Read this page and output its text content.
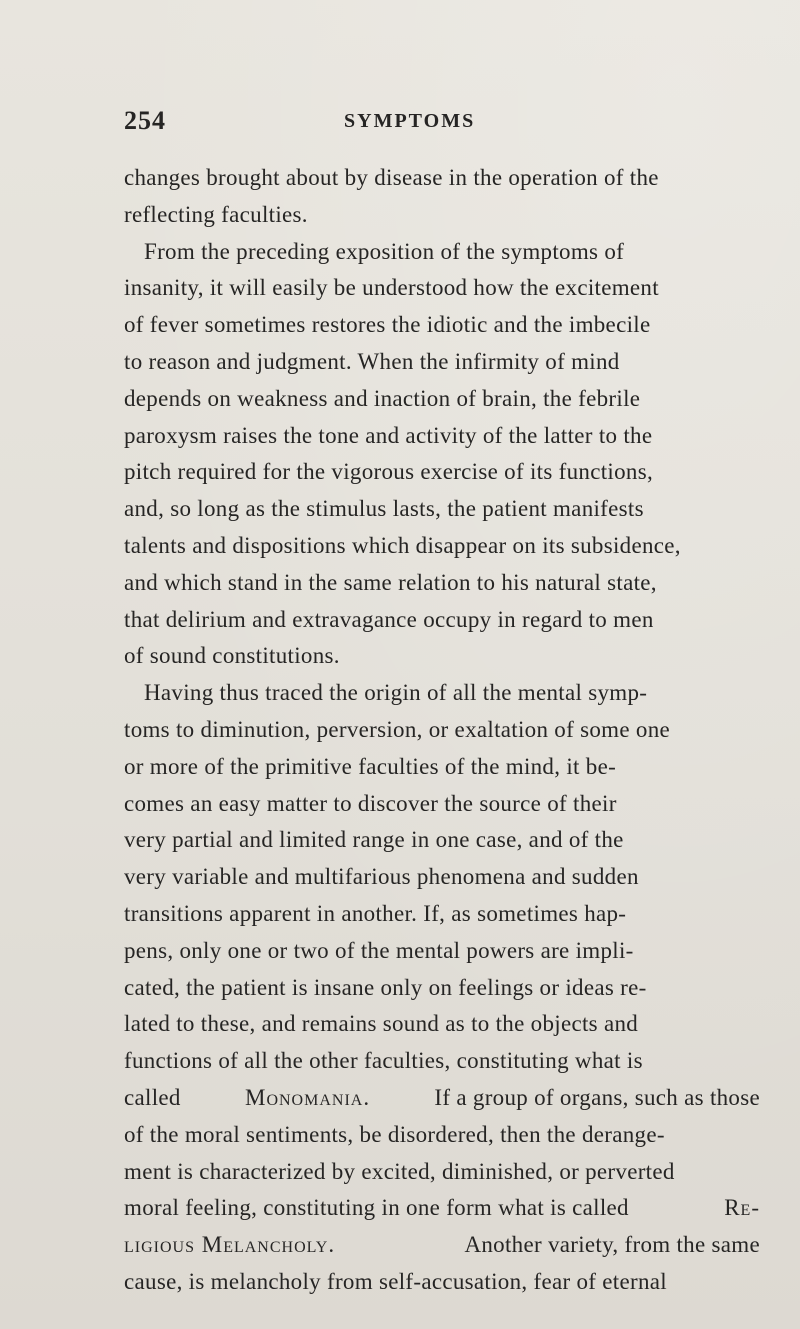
254	SYMPTOMS
changes brought about by disease in the operation of the
reflecting faculties.
From the preceding exposition of the symptoms of
insanity, it will easily be understood how the excitement
of fever sometimes restores the idiotic and the imbecile
to reason and judgment. When the infirmity of mind
depends on weakness and inaction of brain, the febrile
paroxysm raises the tone and activity of the latter to the
pitch required for the vigorous exercise of its functions,
and, so long as the stimulus lasts, the patient manifests
talents and dispositions which disappear on its subsidence,
and which stand in the same relation to his natural state,
that delirium and extravagance occupy in regard to men
of sound constitutions.
Having thus traced the origin of all the mental symp-
toms to diminution, perversion, or exaltation of some one
or more of the primitive faculties of the mind, it be-
comes an easy matter to discover the source of their
very partial and limited range in one case, and of the
very variable and multifarious phenomena and sudden
transitions apparent in another. If, as sometimes hap-
pens, only one or two of the mental powers are impli-
cated, the patient is insane only on feelings or ideas re-
lated to these, and remains sound as to the objects and
functions of all the other faculties, constituting what is
called	Monomania.	If a group of organs, such as those
of the moral sentiments, be disordered, then the derange-
ment is characterized by excited, diminished, or perverted
moral feeling, constituting in one form what is called	Re-
ligious Melancholy.	Another variety, from the same
cause, is melancholy from self-accusation, fear of eternal
